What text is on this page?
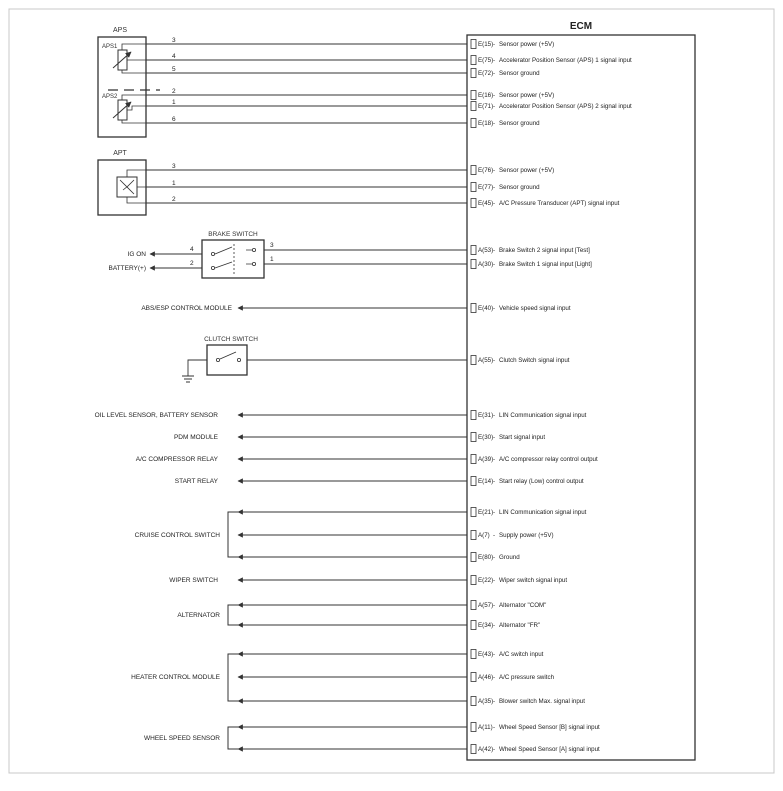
ECM
APS
APS1
APS2
APT
BRAKE SWITCH
CLUTCH SWITCH
3
E(15) - Sensor power (+5V)
4
E(75) - Accelerator Position Sensor (APS) 1 signal input
5
E(72) - Sensor ground
2
E(16) - Sensor power (+5V)
1
E(71) - Accelerator Position Sensor (APS) 2 signal input
6
E(18) - Sensor ground
3
E(76) - Sensor power (+5V)
1
E(77) - Sensor ground
2
E(45) - A/C Pressure Transducer (APT) signal input
3
A(53) - Brake Switch 2 signal input [Test]
1
A(30) - Brake Switch 1 signal input [Light]
4
2
IG ON
BATTERY(+)
ABS/ESP CONTROL MODULE	E(40) - Vehicle speed signal input
A(55) - Clutch Switch signal input
OIL LEVEL SENSOR, BATTERY SENSOR	E(31) - LIN Communication signal input
PDM MODULE	E(30) - Start signal input
A/C COMPRESSOR RELAY	A(39) - A/C compressor relay control output
START RELAY	E(14) - Start relay (Low) control output
E(21) - LIN Communication signal input
A(7) - Supply power (+5V)
E(80) - Ground
CRUISE CONTROL SWITCH
WIPER SWITCH	E(22) - Wiper switch signal input
A(57) - Alternator "COM"
E(34) - Alternator "FR"
ALTERNATOR
E(43) - A/C switch input
A(46) - A/C pressure switch
A(35) - Blower switch Max. signal input
HEATER CONTROL MODULE
A(11) - Wheel Speed Sensor [B] signal input
A(42) - Wheel Speed Sensor [A] signal input
WHEEL SPEED SENSOR
